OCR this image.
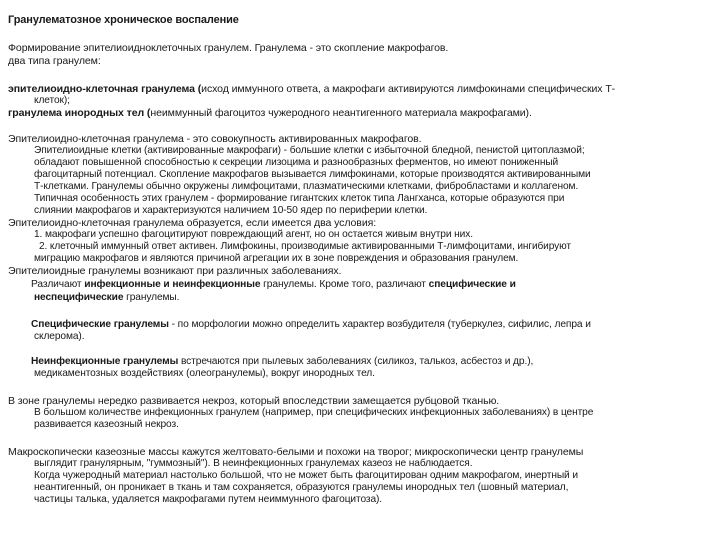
Гранулематозное хроническое воспаление
Формирование эпителиоидноклеточных гранулем. Гранулема - это скопление макрофагов.
два типа гранулем:
эпителиоидно-клеточная гранулема (исход иммунного ответа, а макрофаги активируются лимфокинами специфических Т-
клеток);
гранулема инородных тел (неиммунный фагоцитоз чужеродного неантигенного материала макрофагами).
Эпителиоидно-клеточная гранулема - это совокупность активированных макрофагов.
Эпителиоидные клетки (активированные макрофаги) - большие клетки с избыточной бледной, пенистой цитоплазмой;
обладают повышенной способностью к секреции лизоцима и разнообразных ферментов, но имеют пониженный
фагоцитарный потенциал. Скопление макрофагов вызывается лимфокинами, которые производятся активированными
Т-клетками. Гранулемы обычно окружены лимфоцитами, плазматическими клетками, фибробластами и коллагеном.
Типичная особенность этих гранулем - формирование гигантских клеток типа Лангханса, которые образуются при
слиянии макрофагов и характеризуются наличием 10-50 ядер по периферии клетки.
Эпителиоидно-клеточная гранулема образуется, если имеется два условия:
1. макрофаги успешно фагоцитируют повреждающий агент, но он остается живым внутри них.
2. клеточный иммунный ответ активен. Лимфокины, производимые активированными Т-лимфоцитами, ингибируют
миграцию макрофагов и являются причиной агрегации их в зоне повреждения и образования гранулем.
Эпителиоидные гранулемы возникают при различных заболеваниях.
Различают инфекционные и неинфекционные гранулемы. Кроме того, различают специфические и
неспецифические гранулемы.
Специфические гранулемы - по морфологии можно определить характер возбудителя (туберкулез, сифилис, лепра и
склерома).
Неинфекционные гранулемы встречаются при пылевых заболеваниях (силикоз, талькоз, асбестоз и др.),
медикаментозных воздействиях (олеогранулемы), вокруг инородных тел.
В зоне гранулемы нередко развивается некроз, который впоследствии замещается рубцовой тканью.
В большом количестве инфекционных гранулем (например, при специфических инфекционных заболеваниях) в центре
развивается казеозный некроз.
Макроскопически казеозные массы кажутся желтовато-белыми и похожи на творог; микроскопически центр гранулемы
выглядит гранулярным, "гуммозный"). В неинфекционных гранулемах казеоз не наблюдается.
Когда чужеродный материал настолько большой, что не может быть фагоцитирован одним макрофагом, инертный и
неантигенный, он проникает в ткань и там сохраняется, образуются гранулемы инородных тел (шовный материал,
частицы талька, удаляется макрофагами путем неиммунного фагоцитоза).
